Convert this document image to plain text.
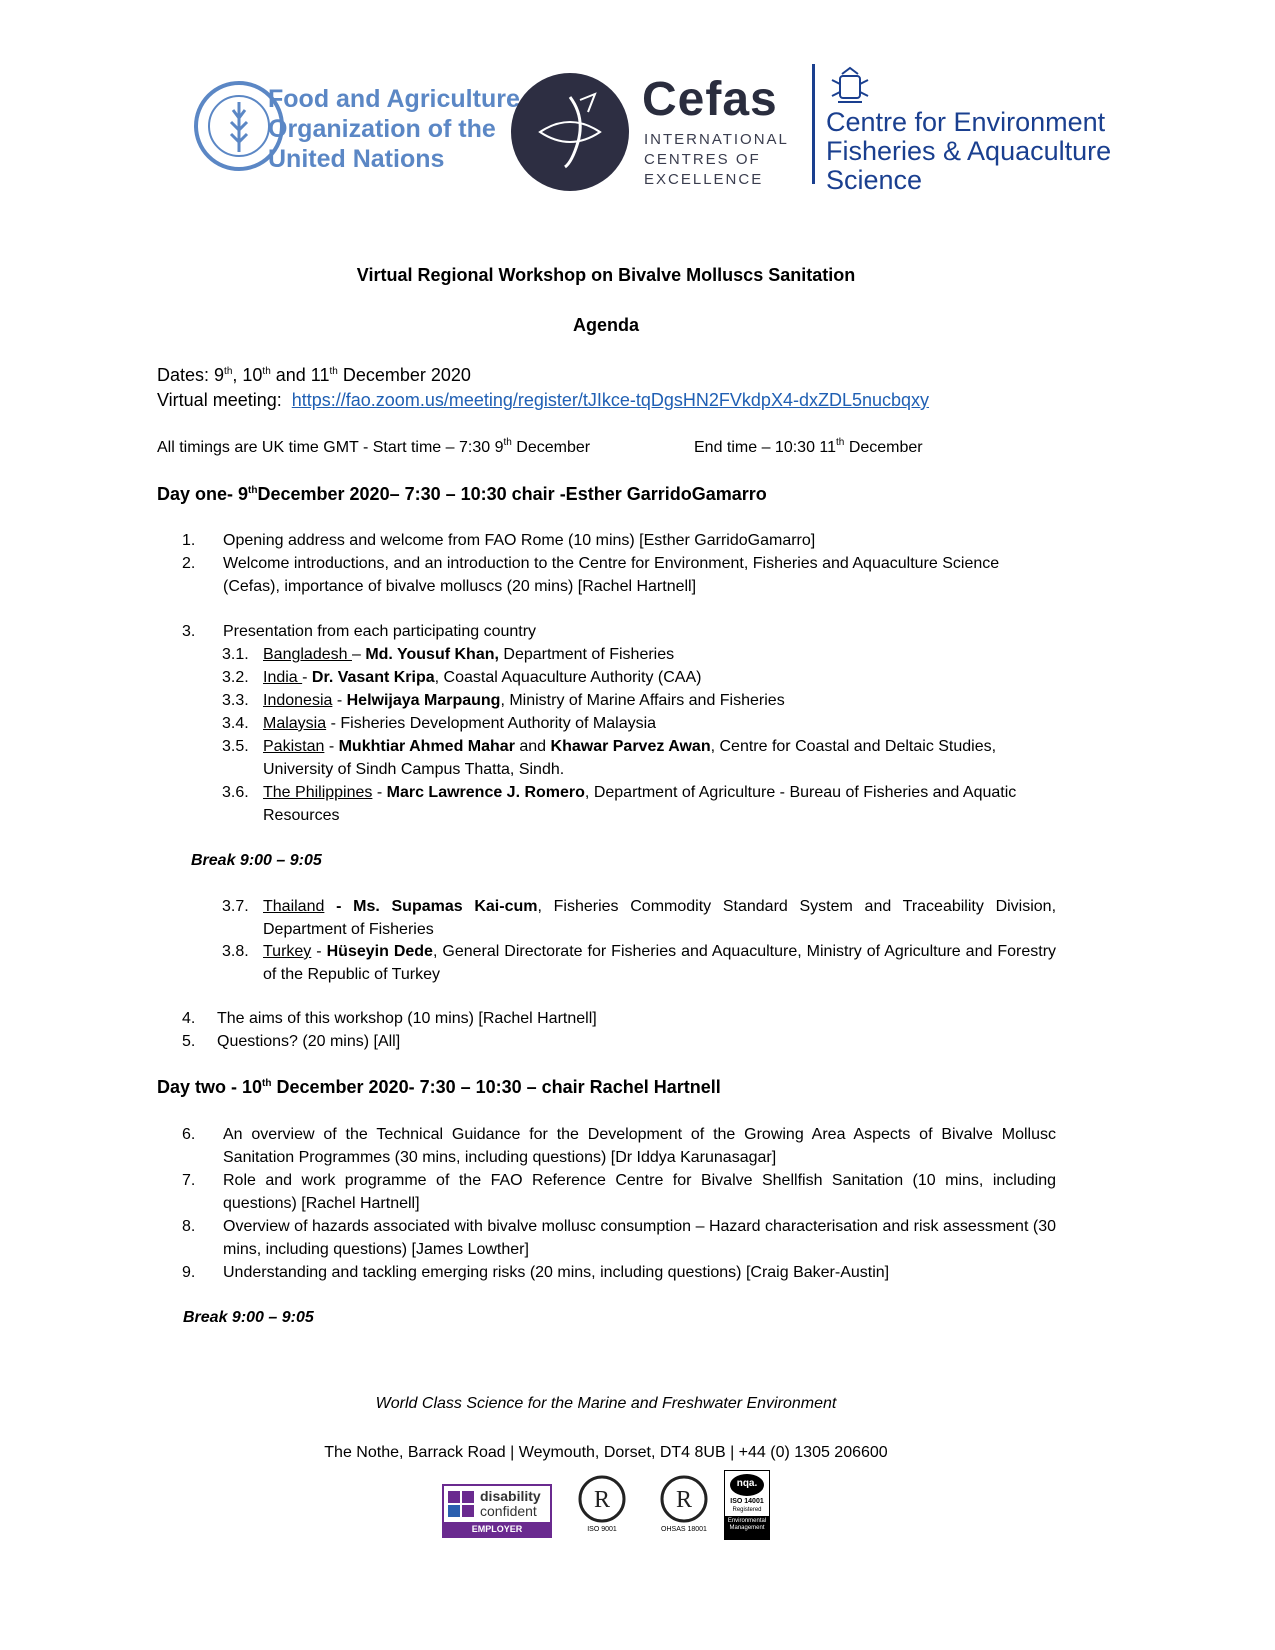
Food and Agriculture
Organization of the
United Nations
Cefas
INTERNATIONAL
CENTRES OF
EXCELLENCE
Centre for Environment
Fisheries & Aquaculture
Science
Virtual Regional Workshop on Bivalve Molluscs Sanitation
Agenda
Dates: 9th, 10th and 11th December 2020
Virtual meeting: https://fao.zoom.us/meeting/register/tJIkce-tqDgsHN2FVkdpX4-dxZDL5nucbqxy
All timings are UK time GMT - Start time – 7:30 9th December	End time – 10:30 11th December
Day one- 9thDecember 2020– 7:30 – 10:30 chair -Esther GarridoGamarro
1. Opening address and welcome from FAO Rome (10 mins) [Esther GarridoGamarro]
2. Welcome introductions, and an introduction to the Centre for Environment, Fisheries and Aquaculture Science (Cefas), importance of bivalve molluscs (20 mins) [Rachel Hartnell]
3. Presentation from each participating country
3.1. Bangladesh – Md. Yousuf Khan, Department of Fisheries
3.2. India - Dr. Vasant Kripa, Coastal Aquaculture Authority (CAA)
3.3. Indonesia - Helwijaya Marpaung, Ministry of Marine Affairs and Fisheries
3.4. Malaysia - Fisheries Development Authority of Malaysia
3.5. Pakistan - Mukhtiar Ahmed Mahar and Khawar Parvez Awan, Centre for Coastal and Deltaic Studies, University of Sindh Campus Thatta, Sindh.
3.6. The Philippines - Marc Lawrence J. Romero, Department of Agriculture - Bureau of Fisheries and Aquatic Resources
Break 9:00 – 9:05
3.7. Thailand - Ms. Supamas Kai-cum, Fisheries Commodity Standard System and Traceability Division, Department of Fisheries
3.8. Turkey - Hüseyin Dede, General Directorate for Fisheries and Aquaculture, Ministry of Agriculture and Forestry of the Republic of Turkey
4. The aims of this workshop (10 mins) [Rachel Hartnell]
5. Questions? (20 mins) [All]
Day two - 10th December 2020- 7:30 – 10:30 – chair Rachel Hartnell
6. An overview of the Technical Guidance for the Development of the Growing Area Aspects of Bivalve Mollusc Sanitation Programmes (30 mins, including questions) [Dr Iddya Karunasagar]
7. Role and work programme of the FAO Reference Centre for Bivalve Shellfish Sanitation (10 mins, including questions) [Rachel Hartnell]
8. Overview of hazards associated with bivalve mollusc consumption – Hazard characterisation and risk assessment (30 mins, including questions) [James Lowther]
9. Understanding and tackling emerging risks (20 mins, including questions) [Craig Baker-Austin]
Break 9:00 – 9:05
World Class Science for the Marine and Freshwater Environment
The Nothe, Barrack Road | Weymouth, Dorset, DT4 8UB | +44 (0) 1305 206600
disability
confident
EMPLOYER
R
ISO 9001
R
OHSAS 18001
nqa.
ISO 14001
Registered
Environmental Management
